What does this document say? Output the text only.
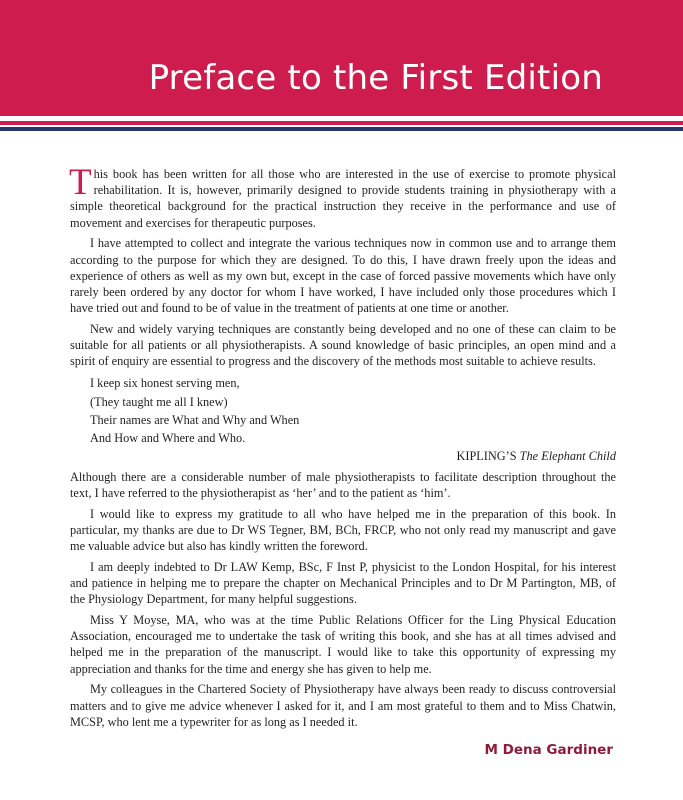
Preface to the First Edition

This book has been written for all those who are interested in the use of exercise to promote physical rehabilitation. It is, however, primarily designed to provide students training in physiotherapy with a simple theoretical background for the practical instruction they receive in the performance and use of movement and exercises for therapeutic purposes.

I have attempted to collect and integrate the various techniques now in common use and to arrange them according to the purpose for which they are designed. To do this, I have drawn freely upon the ideas and experience of others as well as my own but, except in the case of forced passive movements which have only rarely been ordered by any doctor for whom I have worked, I have included only those procedures which I have tried out and found to be of value in the treatment of patients at one time or another.

New and widely varying techniques are constantly being developed and no one of these can claim to be suitable for all patients or all physiotherapists. A sound knowledge of basic principles, an open mind and a spirit of enquiry are essential to progress and the discovery of the methods most suitable to achieve results.

I keep six honest serving men,
(They taught me all I knew)
Their names are What and Why and When
And How and Where and Who.

KIPLING’S The Elephant Child

Although there are a considerable number of male physiotherapists to facilitate description throughout the text, I have referred to the physiotherapist as ‘her’ and to the patient as ‘him’.

I would like to express my gratitude to all who have helped me in the preparation of this book. In particular, my thanks are due to Dr WS Tegner, BM, BCh, FRCP, who not only read my manuscript and gave me valuable advice but also has kindly written the foreword.

I am deeply indebted to Dr LAW Kemp, BSc, F Inst P, physicist to the London Hospital, for his interest and patience in helping me to prepare the chapter on Mechanical Principles and to Dr M Partington, MB, of the Physiology Department, for many helpful suggestions.

Miss Y Moyse, MA, who was at the time Public Relations Officer for the Ling Physical Education Association, encouraged me to undertake the task of writing this book, and she has at all times advised and helped me in the preparation of the manuscript. I would like to take this opportunity of expressing my appreciation and thanks for the time and energy she has given to help me.

My colleagues in the Chartered Society of Physiotherapy have always been ready to discuss controversial matters and to give me advice whenever I asked for it, and I am most grateful to them and to Miss Chatwin, MCSP, who lent me a typewriter for as long as I needed it.

M Dena Gardiner
